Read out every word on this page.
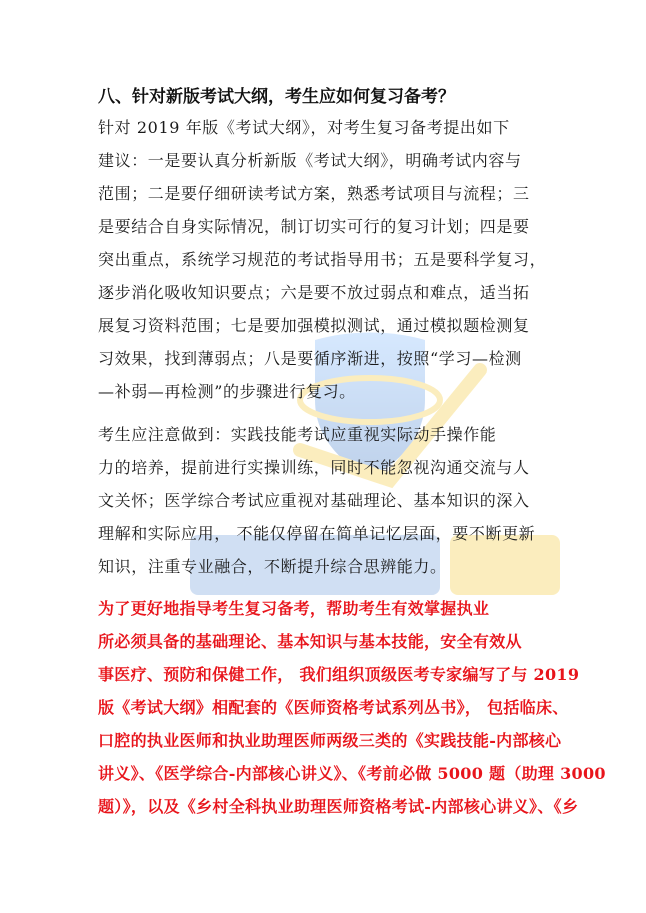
八、针对新版考试大纲，考生应如何复习备考？
针对 2019 年版《考试大纲》，对考生复习备考提出如下
建议：一是要认真分析新版《考试大纲》，明确考试内容与
范围；二是要仔细研读考试方案，熟悉考试项目与流程；三
是要结合自身实际情况，制订切实可行的复习计划；四是要
突出重点，系统学习规范的考试指导用书；五是要科学复习，
逐步消化吸收知识要点；六是要不放过弱点和难点，适当拓
展复习资料范围；七是要加强模拟测试，通过模拟题检测复
习效果，找到薄弱点；八是要循序渐进，按照“学习—检测
—补弱—再检测”的步骤进行复习。
考生应注意做到：实践技能考试应重视实际动手操作能
力的培养，提前进行实操训练，同时不能忽视沟通交流与人
文关怀；医学综合考试应重视对基础理论、基本知识的深入
理解和实际应用， 不能仅停留在简单记忆层面，要不断更新
知识，注重专业融合，不断提升综合思辨能力。
为了更好地指导考生复习备考，帮助考生有效掌握执业
所必须具备的基础理论、基本知识与基本技能，安全有效从
事医疗、预防和保健工作， 我们组织顶级医考专家编写了与 2019
版《考试大纲》相配套的《医师资格考试系列丛书》， 包括临床、
口腔的执业医师和执业助理医师两级三类的《实践技能-内部核心
讲义》、《医学综合-内部核心讲义》、《考前必做 5000 题（助理 3000
题）》，以及《乡村全科执业助理医师资格考试-内部核心讲义》、《乡
